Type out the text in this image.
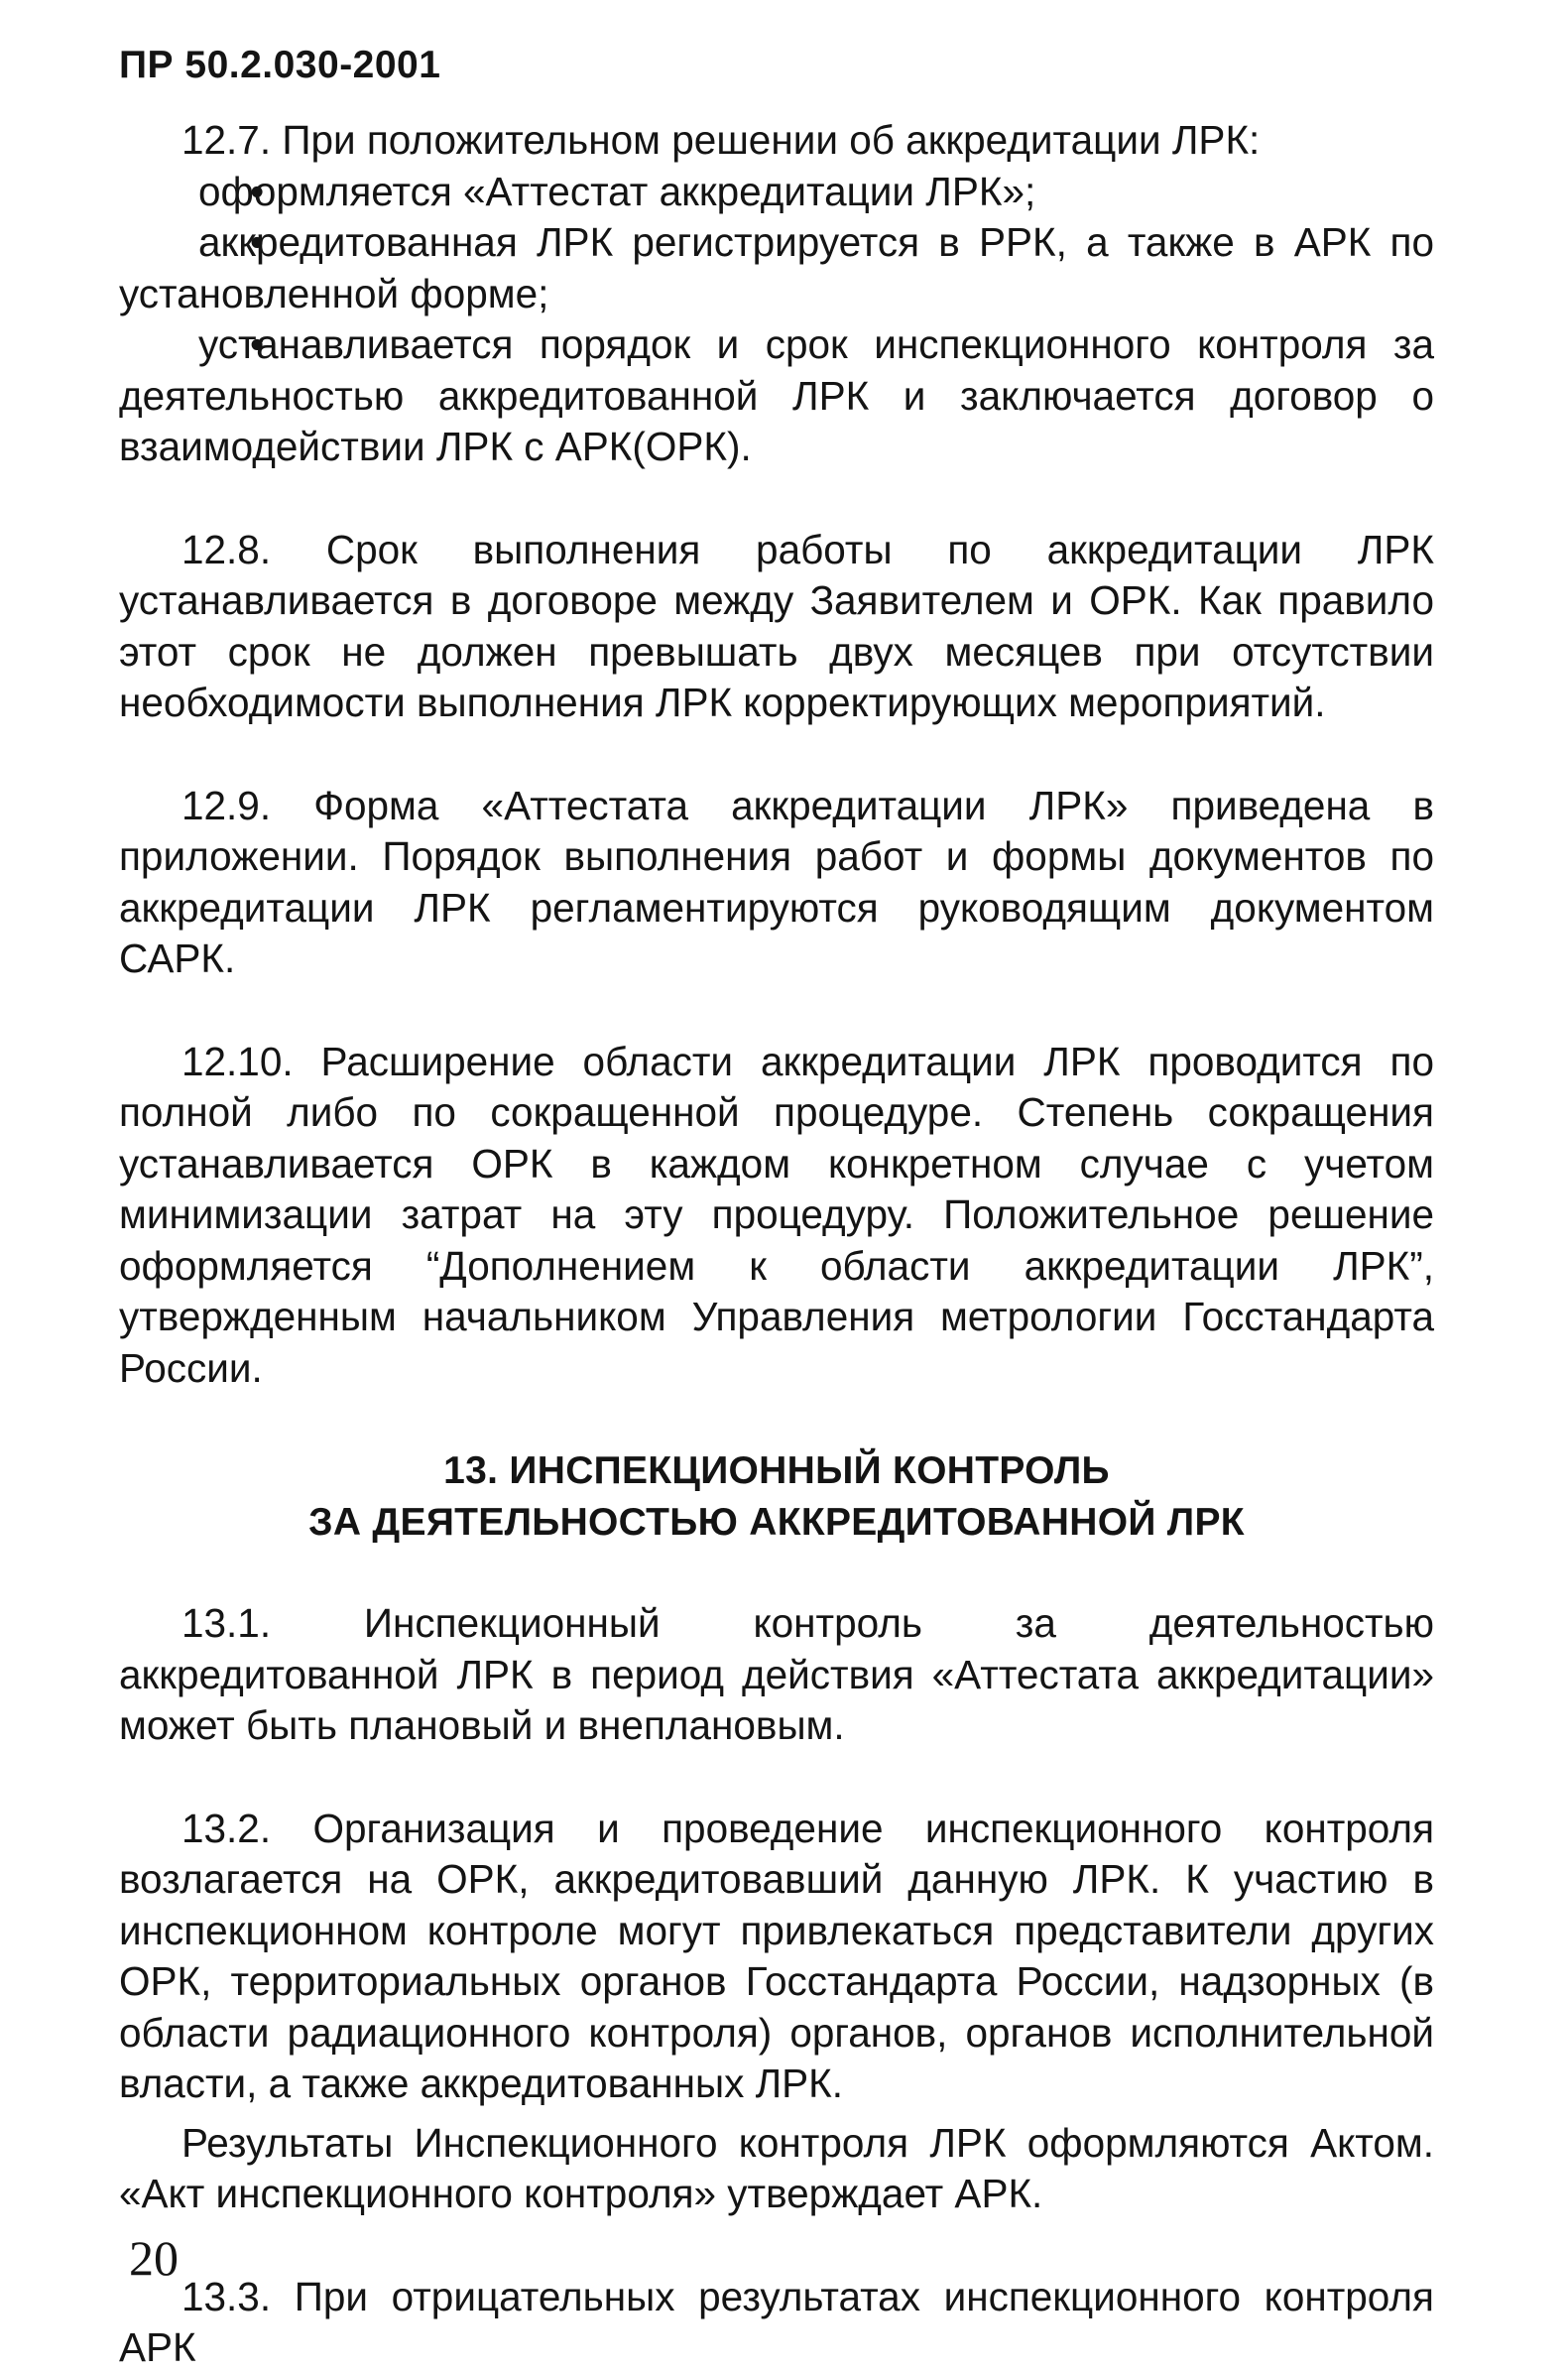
ПР 50.2.030-2001

12.7. При положительном решении об аккредитации ЛРК:

• оформляется «Аттестат аккредитации ЛРК»;

• аккредитованная ЛРК регистрируется в РРК, а также в АРК по установленной форме;

• устанавливается порядок и срок инспекционного контроля за деятельностью аккредитованной ЛРК и заключается договор о взаимодействии ЛРК с АРК(ОРК).

12.8. Срок выполнения работы по аккредитации ЛРК устанавливается в договоре между Заявителем и ОРК. Как правило этот срок не должен превышать двух месяцев при отсутствии необходимости выполнения ЛРК корректирующих мероприятий.

12.9. Форма «Аттестата аккредитации ЛРК» приведена в приложении. Порядок выполнения работ и формы документов по аккредитации ЛРК регламентируются руководящим документом САРК.

12.10. Расширение области аккредитации ЛРК проводится по полной либо по сокращенной процедуре. Степень сокращения устанавливается ОРК в каждом конкретном случае с учетом минимизации затрат на эту процедуру. Положительное решение оформляется “Дополнением к области аккредитации ЛРК”, утвержденным начальником Управления метрологии Госстандарта России.

13. ИНСПЕКЦИОННЫЙ КОНТРОЛЬ
ЗА ДЕЯТЕЛЬНОСТЬЮ АККРЕДИТОВАННОЙ ЛРК

13.1. Инспекционный контроль за деятельностью аккредитованной ЛРК в период действия «Аттестата аккредитации» может быть плановый и внеплановым.

13.2. Организация и проведение инспекционного контроля возлагается на ОРК, аккредитовавший данную ЛРК. К участию в инспекционном контроле могут привлекаться представители других ОРК, территориальных органов Госстандарта России, надзорных (в области радиационного контроля) органов, органов исполнительной власти, а также аккредитованных ЛРК.

Результаты Инспекционного контроля ЛРК оформляются Актом. «Акт инспекционного контроля» утверждает АРК.

13.3. При отрицательных результатах инспекционного контроля АРК

20
